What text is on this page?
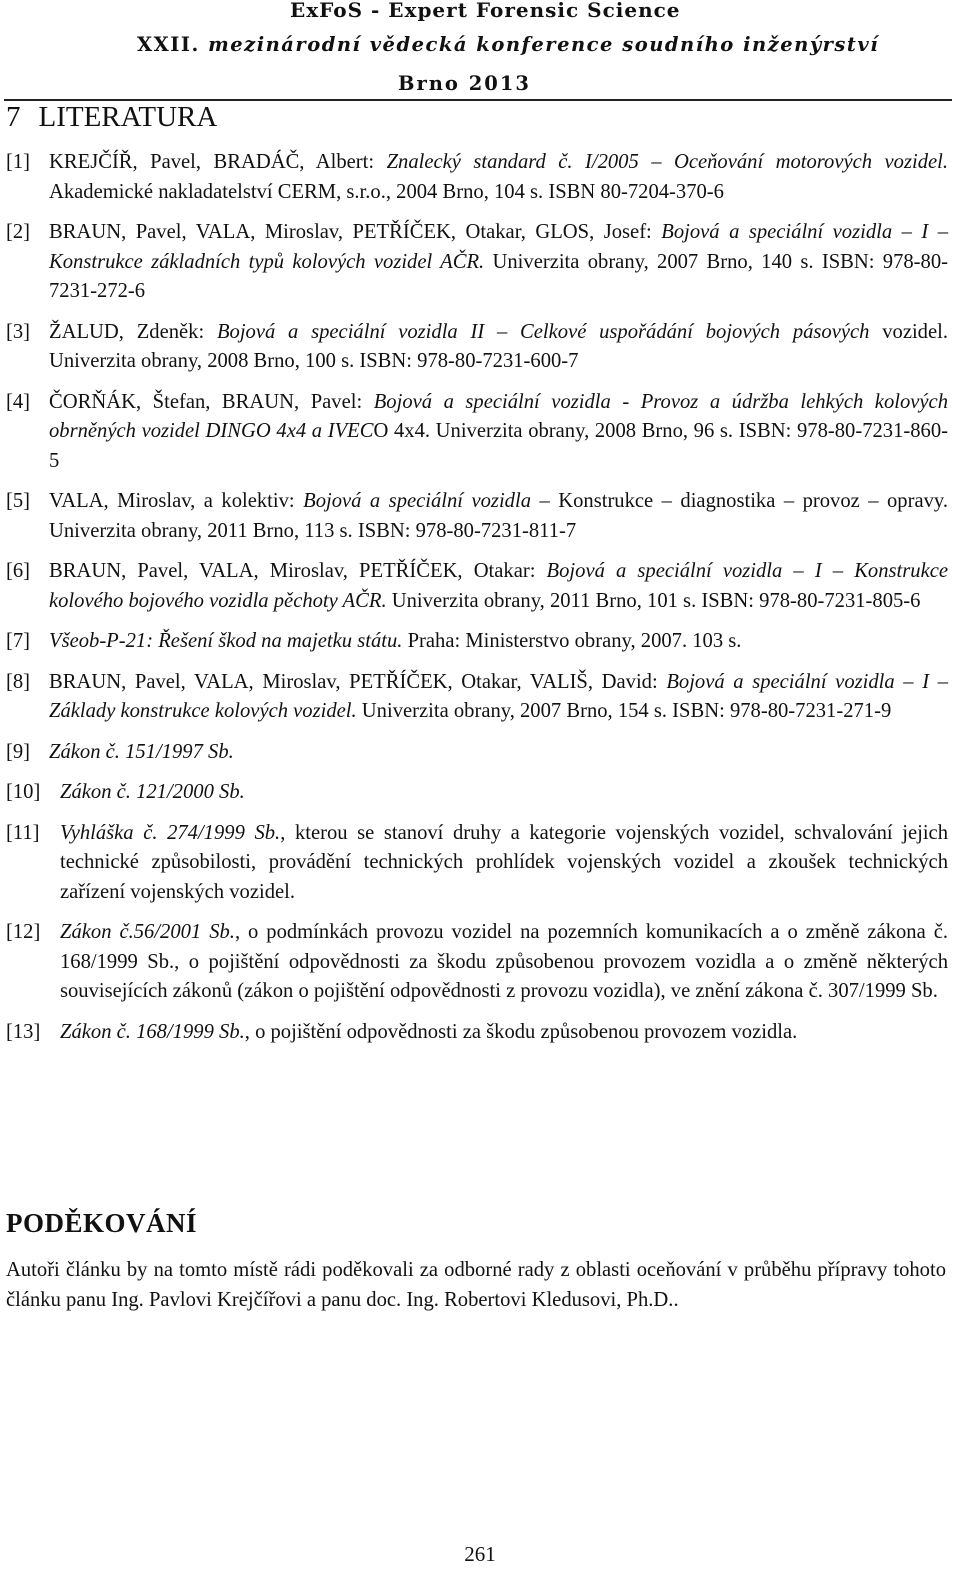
ExFoS - Expert Forensic Science
XXII. mezinárodní vědecká konference soudního inženýrství
Brno 2013
7 LITERATURA
[1] KREJČÍŘ, Pavel, BRADÁČ, Albert: Znalecký standard č. I/2005 – Oceňování motorových vozidel. Akademické nakladatelství CERM, s.r.o., 2004 Brno, 104 s. ISBN 80-7204-370-6
[2] BRAUN, Pavel, VALA, Miroslav, PETŘÍČEK, Otakar, GLOS, Josef: Bojová a speciální vozidla – I – Konstrukce základních typů kolových vozidel AČR. Univerzita obrany, 2007 Brno, 140 s. ISBN: 978-80-7231-272-6
[3] ŽALUD, Zdeněk: Bojová a speciální vozidla II – Celkové uspořádání bojových pásových vozidel. Univerzita obrany, 2008 Brno, 100 s. ISBN: 978-80-7231-600-7
[4] ČORŇÁK, Štefan, BRAUN, Pavel: Bojová a speciální vozidla - Provoz a údržba lehkých kolových obrněných vozidel DINGO 4x4 a IVECO 4x4. Univerzita obrany, 2008 Brno, 96 s. ISBN: 978-80-7231-860-5
[5] VALA, Miroslav, a kolektiv: Bojová a speciální vozidla – Konstrukce – diagnostika – provoz – opravy. Univerzita obrany, 2011 Brno, 113 s. ISBN: 978-80-7231-811-7
[6] BRAUN, Pavel, VALA, Miroslav, PETŘÍČEK, Otakar: Bojová a speciální vozidla – I – Konstrukce kolového bojového vozidla pěchoty AČR. Univerzita obrany, 2011 Brno, 101 s. ISBN: 978-80-7231-805-6
[7] Všeob-P-21: Řešení škod na majetku státu. Praha: Ministerstvo obrany, 2007. 103 s.
[8] BRAUN, Pavel, VALA, Miroslav, PETŘÍČEK, Otakar, VALIŠ, David: Bojová a speciální vozidla – I – Základy konstrukce kolových vozidel. Univerzita obrany, 2007 Brno, 154 s. ISBN: 978-80-7231-271-9
[9] Zákon č. 151/1997 Sb.
[10] Zákon č. 121/2000 Sb.
[11] Vyhláška č. 274/1999 Sb., kterou se stanoví druhy a kategorie vojenských vozidel, schvalování jejich technické způsobilosti, provádění technických prohlídek vojenských vozidel a zkoušek technických zařízení vojenských vozidel.
[12] Zákon č.56/2001 Sb., o podmínkách provozu vozidel na pozemních komunikacích a o změně zákona č. 168/1999 Sb., o pojištění odpovědnosti za škodu způsobenou provozem vozidla a o změně některých souvisejících zákonů (zákon o pojištění odpovědnosti z provozu vozidla), ve znění zákona č. 307/1999 Sb.
[13] Zákon č. 168/1999 Sb., o pojištění odpovědnosti za škodu způsobenou provozem vozidla.
PODĚKOVÁNÍ
Autoři článku by na tomto místě rádi poděkovali za odborné rady z oblasti oceňování v průběhu přípravy tohoto článku panu Ing. Pavlovi Krejčířovi a panu doc. Ing. Robertovi Kledusovi, Ph.D..
261
